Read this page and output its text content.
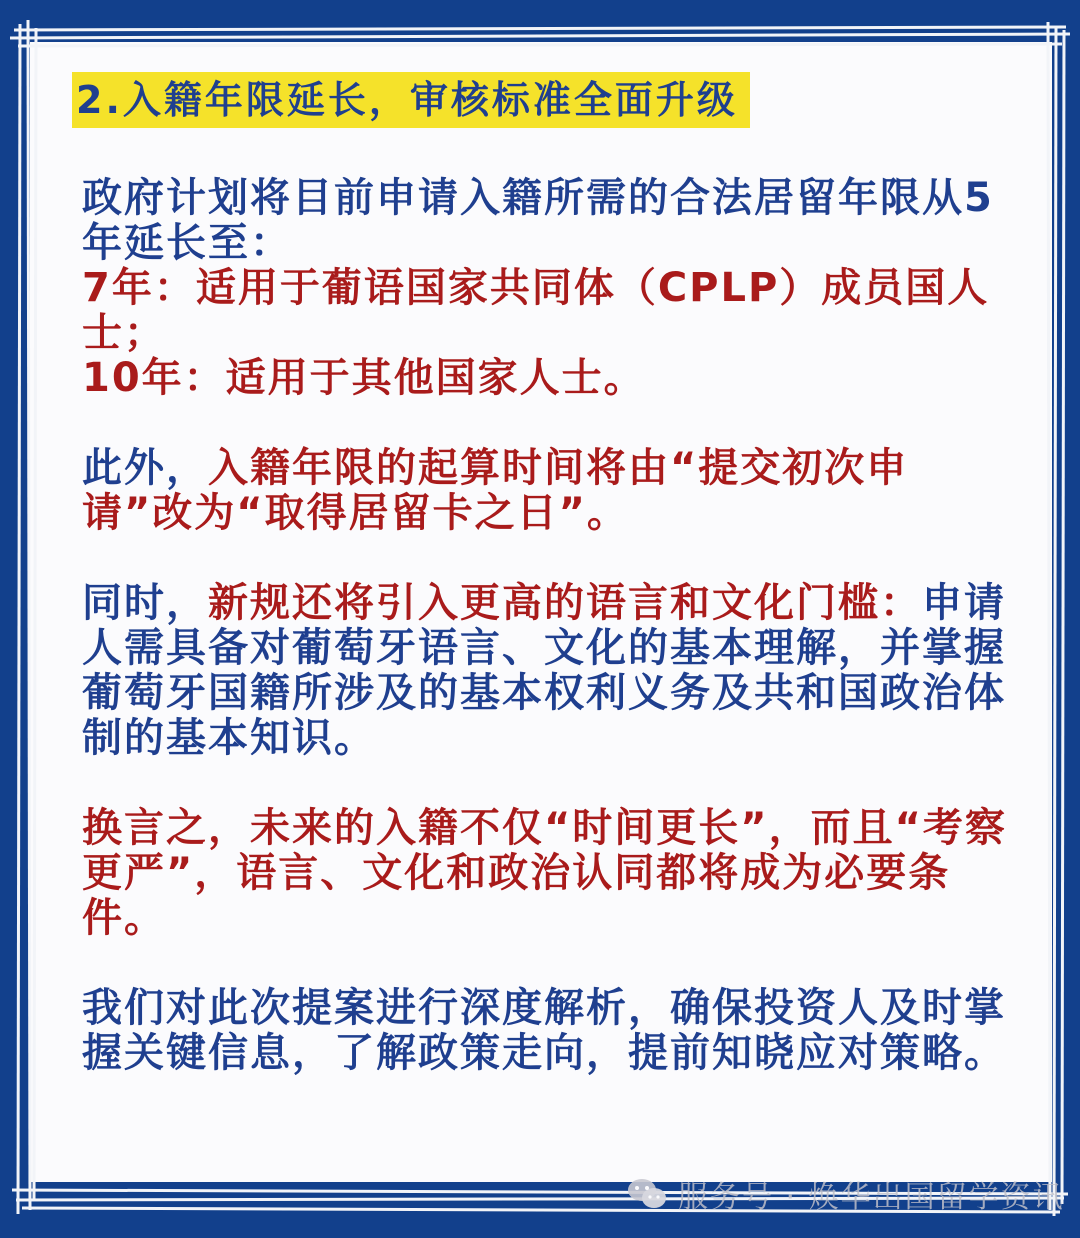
2.入籍年限延长，审核标准全面升级

政府计划将目前申请入籍所需的合法居留年限从5年延长至：

7年：适用于葡语国家共同体（CPLP）成员国人士；

10年：适用于其他国家人士。

此外，入籍年限的起算时间将由“提交初次申请”改为“取得居留卡之日”。

同时，新规还将引入更高的语言和文化门槛：申请人需具备对葡萄牙语言、文化的基本理解，并掌握葡萄牙国籍所涉及的基本权利义务及共和国政治体制的基本知识。

换言之，未来的入籍不仅“时间更长”，而且“考察更严”，语言、文化和政治认同都将成为必要条件。

我们对此次提案进行深度解析，确保投资人及时掌握关键信息，了解政策走向，提前知晓应对策略。

服务号 · 焕华出国留学资讯
